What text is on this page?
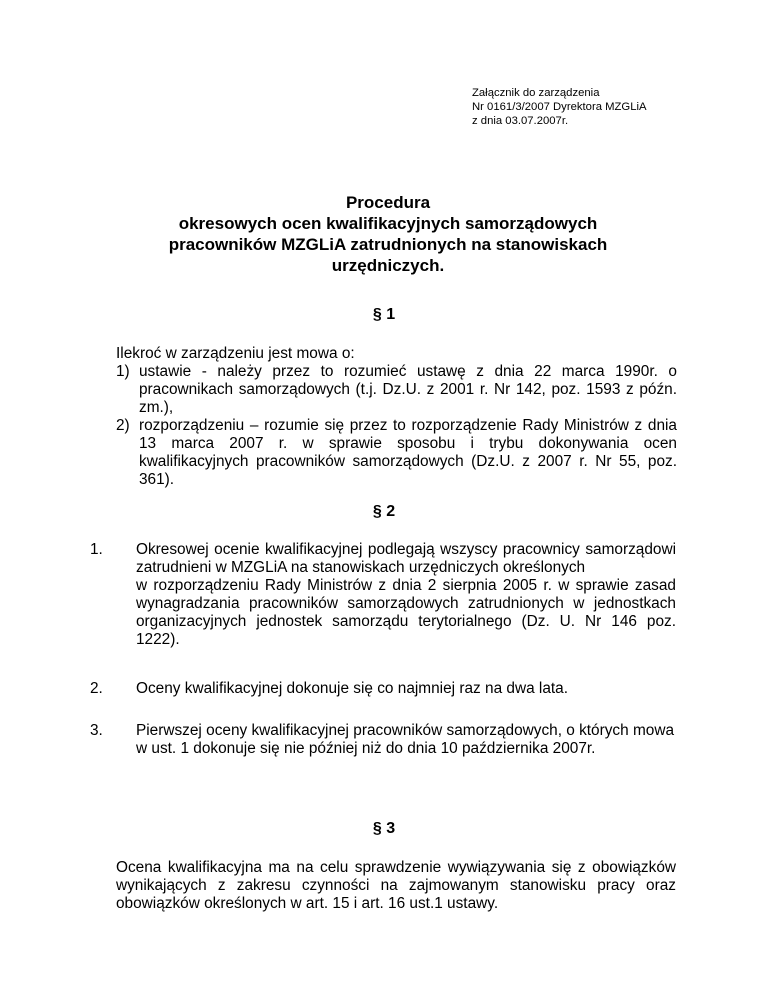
Załącznik do zarządzenia
Nr 0161/3/2007 Dyrektora MZGLiA
z dnia 03.07.2007r.
Procedura
okresowych ocen kwalifikacyjnych samorządowych
pracowników MZGLiA zatrudnionych na stanowiskach
urzędniczych.
§ 1
Ilekroć w zarządzeniu jest mowa o:
1) ustawie - należy przez to rozumieć ustawę z dnia 22 marca 1990r. o pracownikach samorządowych (t.j. Dz.U. z 2001 r. Nr 142, poz. 1593 z późn. zm.),
2) rozporządzeniu – rozumie się przez to rozporządzenie Rady Ministrów z dnia 13 marca 2007 r. w sprawie sposobu i trybu dokonywania ocen kwalifikacyjnych pracowników samorządowych (Dz.U. z 2007 r. Nr 55, poz. 361).
§ 2
1. Okresowej ocenie kwalifikacyjnej podlegają wszyscy pracownicy samorządowi zatrudnieni w MZGLiA na stanowiskach urzędniczych określonych
w rozporządzeniu Rady Ministrów z dnia 2 sierpnia 2005 r. w sprawie zasad wynagradzania pracowników samorządowych zatrudnionych w jednostkach organizacyjnych jednostek samorządu terytorialnego (Dz. U. Nr 146 poz. 1222).
2. Oceny kwalifikacyjnej dokonuje się co najmniej raz na dwa lata.
3. Pierwszej oceny kwalifikacyjnej pracowników samorządowych, o których mowa
w ust. 1 dokonuje się nie później niż do dnia 10 października 2007r.
§ 3
Ocena kwalifikacyjna ma na celu sprawdzenie wywiązywania się z obowiązków wynikających z zakresu czynności na zajmowanym stanowisku pracy oraz obowiązków określonych w art. 15 i art. 16 ust.1 ustawy.
